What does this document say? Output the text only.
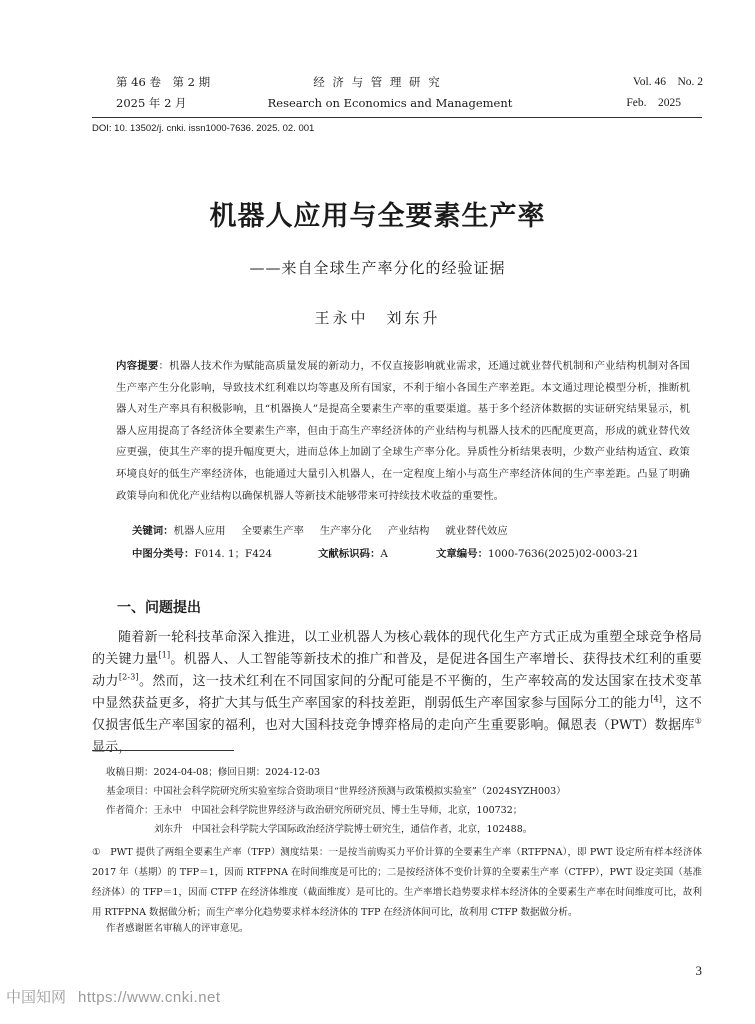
第 46 卷　第 2 期
2025 年 2 月
经 济 与 管 理 研 究
Research on Economics and Management
Vol. 46　No. 2
Feb.　2025
DOI: 10. 13502/j. cnki. issn1000-7636. 2025. 02. 001
机器人应用与全要素生产率
——来自全球生产率分化的经验证据
王永中　刘东升
内容提要：机器人技术作为赋能高质量发展的新动力，不仅直接影响就业需求，还通过就业替代机制和产业结构机制对各国生产率产生分化影响，导致技术红利难以均等惠及所有国家，不利于缩小各国生产率差距。本文通过理论模型分析，推断机器人对生产率具有积极影响，且“机器换人”是提高全要素生产率的重要渠道。基于多个经济体数据的实证研究结果显示，机器人应用提高了各经济体全要素生产率，但由于高生产率经济体的产业结构与机器人技术的匹配度更高，形成的就业替代效应更强，使其生产率的提升幅度更大，进而总体上加剧了全球生产率分化。异质性分析结果表明，少数产业结构适宜、政策环境良好的低生产率经济体，也能通过大量引入机器人，在一定程度上缩小与高生产率经济体间的生产率差距。凸显了明确政策导向和优化产业结构以确保机器人等新技术能够带来可持续技术收益的重要性。
关键词：机器人应用 全要素生产率 生产率分化 产业结构 就业替代效应
中图分类号：F014. 1；F424	文献标识码：A	文章编号：1000-7636(2025)02-0003-21
一、问题提出
随着新一轮科技革命深入推进，以工业机器人为核心载体的现代化生产方式正成为重塑全球竞争格局的关键力量[1]。机器人、人工智能等新技术的推广和普及，是促进各国生产率增长、获得技术红利的重要动力[2-3]。然而，这一技术红利在不同国家间的分配可能是不平衡的，生产率较高的发达国家在技术变革中显然获益更多，将扩大其与低生产率国家的科技差距，削弱低生产率国家参与国际分工的能力[4]，这不仅损害低生产率国家的福利，也对大国科技竞争博弈格局的走向产生重要影响。佩恩表（PWT）数据库①显示，
收稿日期：2024-04-08；修回日期：2024-12-03
基金项目：中国社会科学院研究所实验室综合资助项目“世界经济预测与政策模拟实验室”（2024SYZH003）
作者简介：王永中　中国社会科学院世界经济与政治研究所研究员、博士生导师，北京，100732；
刘东升　中国社会科学院大学国际政治经济学院博士研究生，通信作者，北京，102488。
①　PWT 提供了两组全要素生产率（TFP）测度结果：一是按当前购买力平价计算的全要素生产率（RTFPNA），即 PWT 设定所有样本经济体 2017 年（基期）的 TFP＝1，因而 RTFPNA 在时间维度是可比的；二是按经济体不变价计算的全要素生产率（CTFP），PWT 设定美国（基准经济体）的 TFP＝1，因而 CTFP 在经济体维度（截面维度）是可比的。生产率增长趋势要求样本经济体的全要素生产率在时间维度可比，故利用 RTFPNA 数据做分析；而生产率分化趋势要求样本经济体的 TFP 在经济体间可比，故利用 CTFP 数据做分析。
作者感谢匿名审稿人的评审意见。
3
中国知网 https://www.cnki.net
